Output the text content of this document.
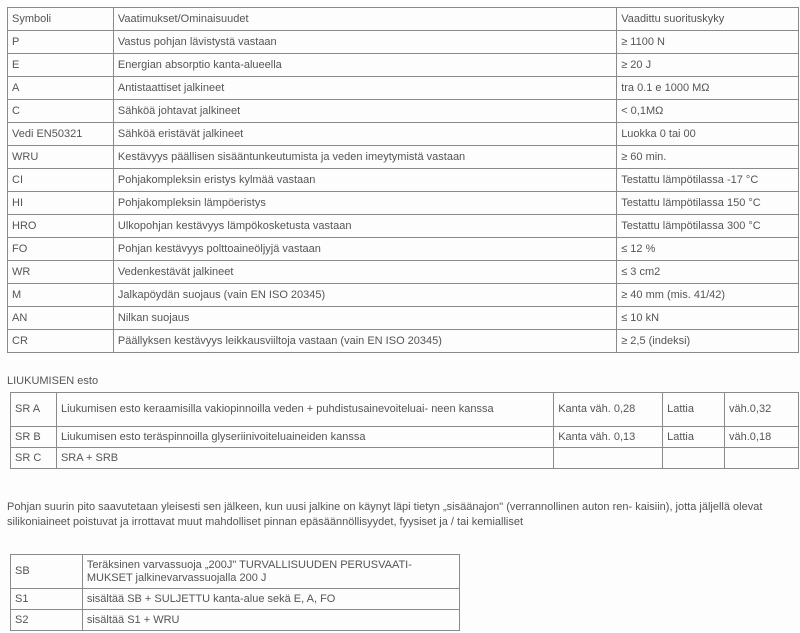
Symboli	Vaatimukset/Ominaisuudet	Vaadittu suorituskyky
P	Vastus pohjan lävistystä vastaan	≥ 1100 N
E	Energian absorptio kanta-alueella	≥ 20 J
A	Antistaattiset jalkineet	tra 0.1 e 1000 MΩ
C	Sähköä johtavat jalkineet	< 0,1MΩ
Vedi EN50321	Sähköä eristävät jalkineet	Luokka 0 tai 00
WRU	Kestävyys päällisen sisääntunkeutumista ja veden imeytymistä vastaan	≥ 60 min.
CI	Pohjakompleksin eristys kylmää vastaan	Testattu lämpötilassa -17 °C
HI	Pohjakompleksin lämpöeristys	Testattu lämpötilassa 150 °C
HRO	Ulkopohjan kestävyys lämpökosketusta vastaan	Testattu lämpötilassa 300 °C
FO	Pohjan kestävyys polttoaineöljyjä vastaan	≤ 12 %
WR	Vedenkestävät jalkineet	≤ 3 cm2
M	Jalkapöydän suojaus (vain EN ISO 20345)	≥ 40 mm (mis. 41/42)
AN	Nilkan suojaus	≤ 10 kN
CR	Päällyksen kestävyys leikkausviiltoja vastaan (vain EN ISO 20345)	≥ 2,5 (indeksi)
LIUKUMISEN esto
SR A	Liukumisen esto keraamisilla vakiopinnoilla veden + puhdistusainevoiteluai- neen kanssa	Kanta väh. 0,28	Lattia	väh.0,32
SR B	Liukumisen esto teräspinnoilla glyseriinivoiteluaineiden kanssa	Kanta väh. 0,13	Lattia	väh.0,18
SR C	SRA + SRB			

Pohjan suurin pito saavutetaan yleisesti sen jälkeen, kun uusi jalkine on käynyt läpi tietyn „sisäänajon" (verrannollinen auton ren- kaisiin), jotta jäljellä olevat silikoniaineet poistuvat ja irrottavat muut mahdolliset pinnan epäsäännöllisyydet, fyysiset ja / tai kemialliset

SB	Teräksinen varvassuoja „200J" TURVALLISUUDEN PERUSVAATI- MUKSET jalkinevarvassuojalla 200 J
S1	sisältää SB + SULJETTU kanta-alue sekä E, A, FO
S2	sisältää S1 + WRU
